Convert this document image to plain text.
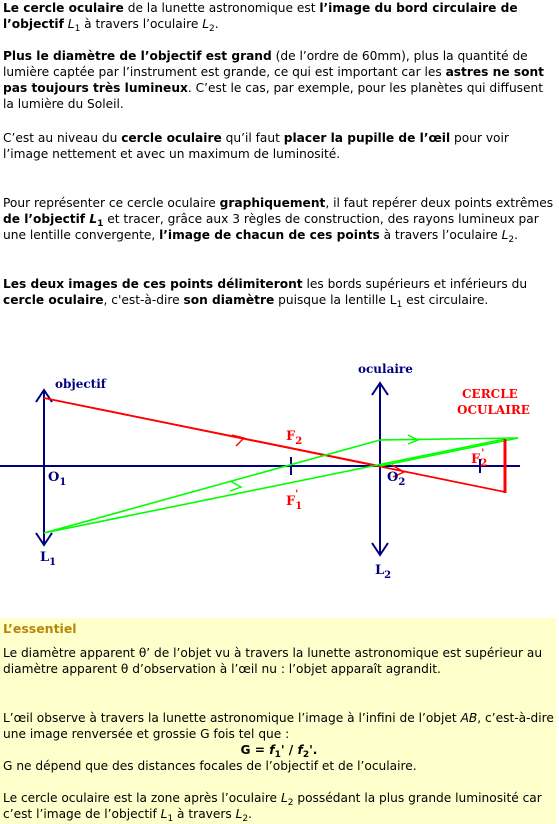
Le cercle oculaire de la lunette astronomique est l’image du bord circulaire de l’objectif $L_1$ à travers l’oculaire $L_2$.

Plus le diamètre de l’objectif est grand (de l’ordre de 60mm), plus la quantité de lumière captée par l’instrument est grande, ce qui est important car les astres ne sont pas toujours très lumineux. C’est le cas, par exemple, pour les planètes qui diffusent la lumière du Soleil.

C’est au niveau du cercle oculaire qu’il faut placer la pupille de l’œil pour voir l’image nettement et avec un maximum de luminosité.

Pour représenter ce cercle oculaire graphiquement, il faut repérer deux points extrêmes de l’objectif $L_1$ et tracer, grâce aux 3 règles de construction, des rayons lumineux par une lentille convergente, l’image de chacun de ces points à travers l’oculaire $L_2$.

Les deux images de ces points délimiteront les bords supérieurs et inférieurs du cercle oculaire, c'est-à-dire son diamètre puisque la lentille $L_1$ est circulaire.

objectif
oculaire
CERCLE
OCULAIRE
$F_2$
$F_1'$
$O_1$	$O_2$
$F_2'$
$L_1$
$L_2$

L’essentiel

Le diamètre apparent θ’ de l’objet vu à travers la lunette astronomique est supérieur au diamètre apparent θ d’observation à l’œil nu : l’objet apparaît agrandit.

L’œil observe à travers la lunette astronomique l’image à l’infini de l’objet AB, c’est-à-dire une image renversée et grossie G fois tel que :

$G = f_1' / f_2'$.

G ne dépend que des distances focales de l’objectif et de l’oculaire.

Le cercle oculaire est la zone après l’oculaire $L_2$ possédant la plus grande luminosité car c’est l’image de l’objectif $L_1$ à travers $L_2$.
